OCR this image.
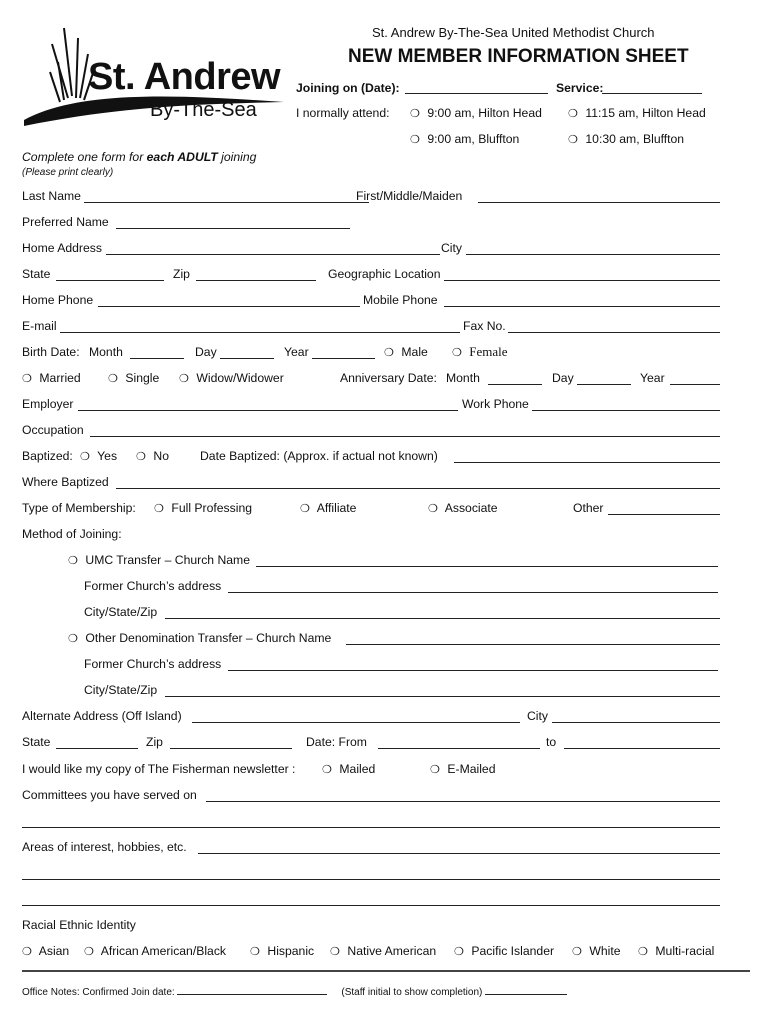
St. Andrew
By-The-Sea
St. Andrew By-The-Sea United Methodist Church
NEW MEMBER INFORMATION SHEET
Joining on (Date):	Service:
I normally attend: ❍ 9:00 am, Hilton Head ❍ 11:15 am, Hilton Head
❍ 9:00 am, Bluffton	❍ 10:30 am, Bluffton
Complete one form for each ADULT joining
(Please print clearly)
Last Name	First/Middle/Maiden
Preferred Name
Home Address	City
State	Zip	Geographic Location
Home Phone	Mobile Phone
E-mail	Fax No.
Birth Date: Month	Day	Year	❍ Male ❍ Female
❍ Married ❍ Single ❍ Widow/Widower	Anniversary Date: Month	Day	Year
Employer	Work Phone
Occupation
Baptized: ❍ Yes ❍ No	Date Baptized: (Approx. if actual not known)
Where Baptized
Type of Membership: ❍ Full Professing	❍ Affiliate	❍ Associate	Other
Method of Joining:
❍ UMC Transfer – Church Name
Former Church’s address
City/State/Zip
❍ Other Denomination Transfer – Church Name
Former Church’s address
City/State/Zip
Alternate Address (Off Island)	City
State	Zip	Date: From	to
I would like my copy of The Fisherman newsletter : ❍ Mailed	❍ E-Mailed
Committees you have served on
Areas of interest, hobbies, etc.
Racial Ethnic Identity
❍ Asian ❍ African American/Black ❍ Hispanic ❍ Native American ❍ Pacific Islander ❍ White ❍ Multi-racial
Office Notes: Confirmed Join date:	(Staff initial to show completion)
